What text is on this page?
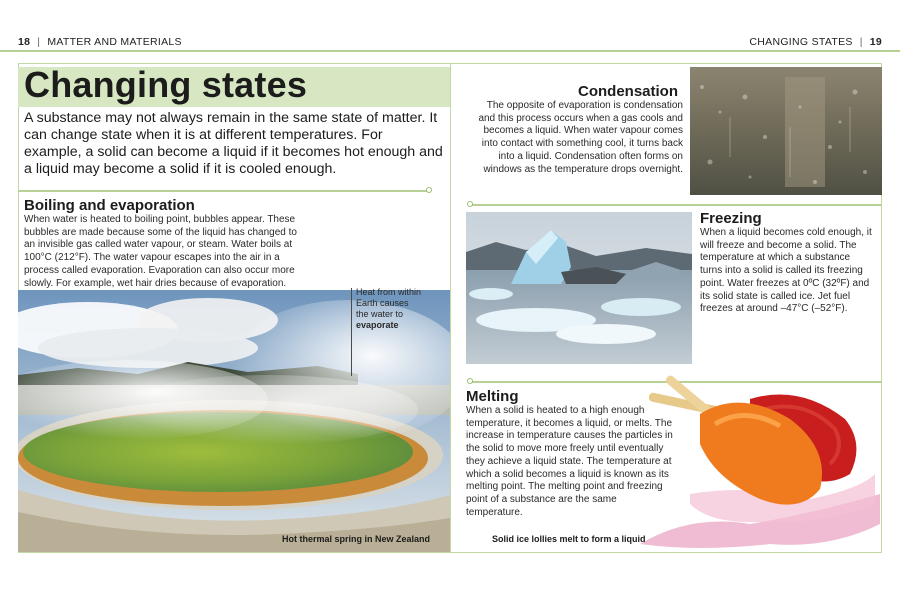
18 | MATTER AND MATERIALS	CHANGING STATES | 19
Changing states
A substance may not always remain in the same state of matter. It can change state when it is at different temperatures. For example, a solid can become a liquid if it becomes hot enough and a liquid may become a solid if it is cooled enough.
Boiling and evaporation
When water is heated to boiling point, bubbles appear. These bubbles are made because some of the liquid has changed to an invisible gas called water vapour, or steam. Water boils at 100°C (212°F). The water vapour escapes into the air in a process called evaporation. Evaporation can also occur more slowly. For example, wet hair dries because of evaporation.
Heat from within Earth causes the water to evaporate
Hot thermal spring in New Zealand
Condensation
The opposite of evaporation is condensation and this process occurs when a gas cools and becomes a liquid. When water vapour comes into contact with something cool, it turns back into a liquid. Condensation often forms on windows as the temperature drops overnight.
Freezing
When a liquid becomes cold enough, it will freeze and become a solid. The temperature at which a substance turns into a solid is called its freezing point. Water freezes at 0ºC (32ºF) and its solid state is called ice. Jet fuel freezes at around –47°C (–52°F).
Melting
When a solid is heated to a high enough temperature, it becomes a liquid, or melts. The increase in temperature causes the particles in the solid to move more freely until eventually they achieve a liquid state. The temperature at which a solid becomes a liquid is known as its melting point. The melting point and freezing point of a substance are the same temperature.
Solid ice lollies melt to form a liquid
